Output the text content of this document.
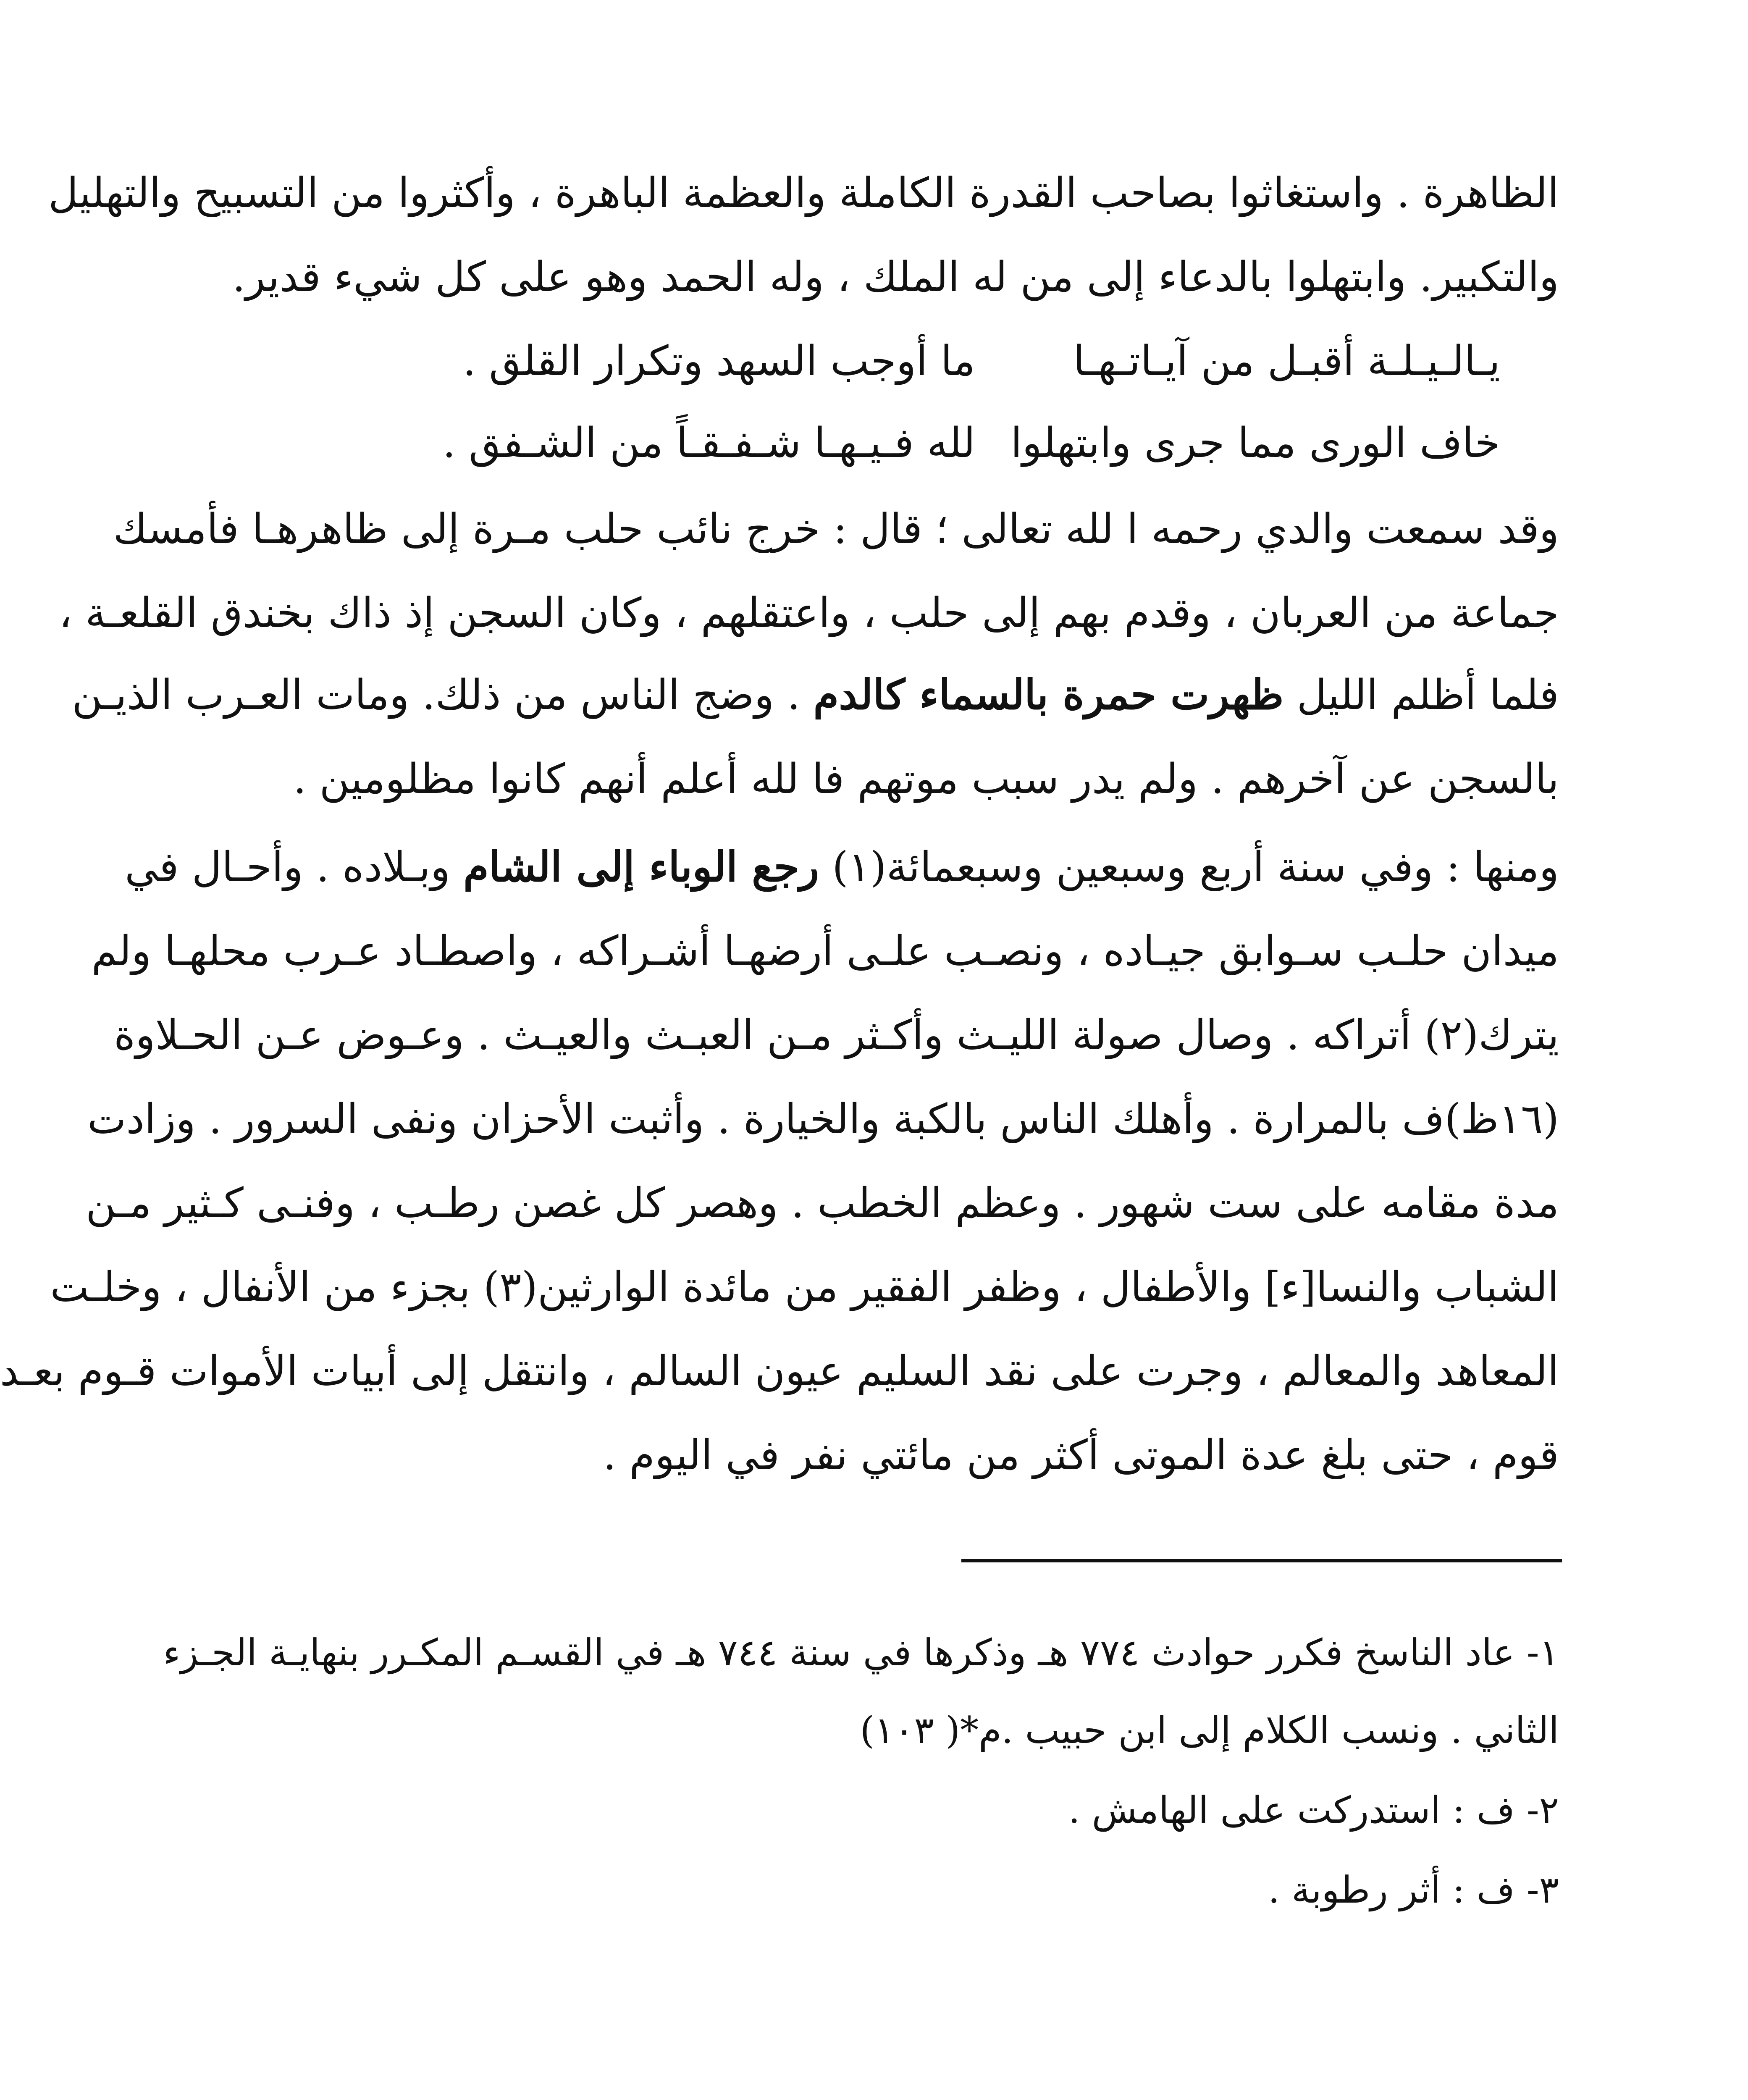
الظاهرة . واستغاثوا بصاحب القدرة الكاملة والعظمة الباهرة ، وأكثروا من التسبيح والتهليل
والتكبير. وابتهلوا بالدعاء إلى من له الملك ، وله الحمد وهو على كل شيء قدير.
يـالـيـلـة أقبـل من آيـاتـهـا
ما أوجب السهد وتكرار القلق .
خاف الورى مما جرى وابتهلوا
لله فـيـهـا شـفـقـاً من الشـفق .
وقد سمعت والدي رحمه ا لله تعالى ؛ قال : خرج نائب حلب مـرة إلى ظاهرهـا فأمسك
جماعة من العربان ، وقدم بهم إلى حلب ، واعتقلهم ، وكان السجن إذ ذاك بخندق القلعـة ،
فلما أظلم الليل ظهرت حمرة بالسماء كالدم . وضج الناس من ذلك. ومات العـرب الذيـن
بالسجن عن آخرهم . ولم يدر سبب موتهم فا لله أعلم أنهم كانوا مظلومين .
ومنها : وفي سنة أربع وسبعين وسبعمائة(١) رجع الوباء إلى الشام وبـلاده . وأحـال في
ميدان حلـب سـوابق جيـاده ، ونصـب علـى أرضهـا أشـراكه ، واصطـاد عـرب محلهـا ولم
يترك(٢) أتراكه . وصال صولة الليـث وأكـثر مـن العبـث والعيـث . وعـوض عـن الحـلاوة
(١٦ظ)ف بالمرارة . وأهلك الناس بالكبة والخيارة . وأثبت الأحزان ونفى السرور . وزادت
مدة مقامه على ست شهور . وعظم الخطب . وهصر كل غصن رطـب ، وفنـى كـثير مـن
الشباب والنسا[ء] والأطفال ، وظفر الفقير من مائدة الوارثين(٣) بجزء من الأنفال ، وخلـت
المعاهد والمعالم ، وجرت على نقد السليم عيون السالم ، وانتقل إلى أبيات الأموات قـوم بعـد
قوم ، حتى بلغ عدة الموتى أكثر من مائتي نفر في اليوم .
١- عاد الناسخ فكرر حوادث ٧٧٤ هـ وذكرها في سنة ٧٤٤ هـ في القسـم المكـرر بنهايـة الجـزء
الثاني . ونسب الكلام إلى ابن حبيب .م*( ١٠٣)
٢- ف : استدركت على الهامش .
٣- ف : أثر رطوبة .
